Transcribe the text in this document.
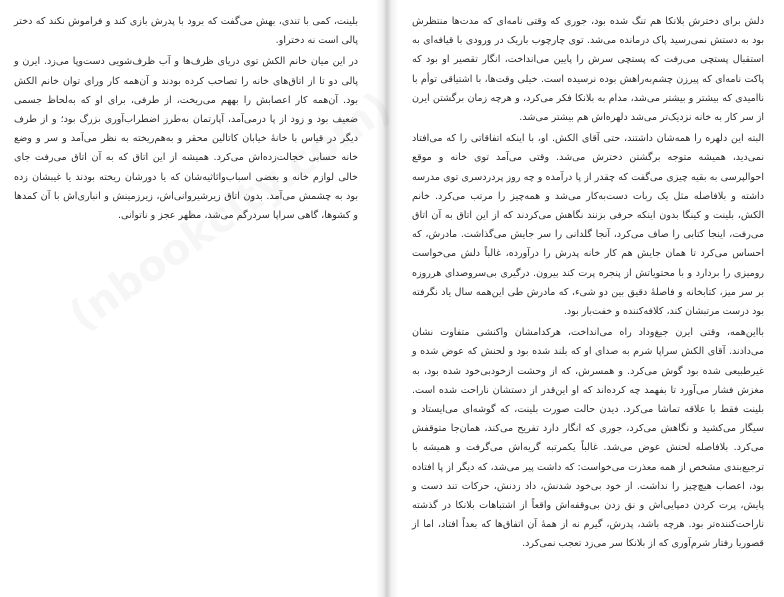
بلینت، کمی با تندی، بهش می‌گفت که برود با پدرش بازی کند و فراموش نکند که دختر پالی است نه دختراو.

در این میان خانم الکش توی دریای ظرف‌ها و آب ظرف‌شویی دست‌وپا می‌زد. ایرن و پالی دو تا از اتاق‌های خانه را تصاحب کرده بودند و آن‌همه کار ورای توان خانم الکش بود. آن‌همه کار اعصابش را بههم می‌ریخت، از طرفی، برای او که به‌لحاظ جسمی ضعیف بود و زود از پا درمی‌آمد، آپارتمان به‌طرز اضطراب‌آوری بزرگ بود؛ و از طرف دیگر در قیاس با خانهٔ خیابان کاتالین محقر و به‌هم‌ریخته به نظر می‌آمد و سر و وضع خانه حسابی خجالت‌زده‌اش می‌کرد. همیشه از این اتاق که به آن اتاق می‌رفت جای خالی لوازم خانه و بعضی اسباب‌واثاثیه‌شان که یا دورشان ریخته بودند یا غیبشان زده بود به چشمش می‌آمد. بدون اتاق زیرشیروانی‌اش، زیرزمینش و انباری‌اش با آن کمدها و کشوها، گاهی سراپا سردرگم می‌شد، مظهر عجز و ناتوانی.

دلش برای دخترش بلانکا هم تنگ شده بود، جوری که وقتی نامه‌ای که مدت‌ها منتظرش بود به دستش نمی‌رسید پاک درمانده می‌شد. توی چارچوب باریک در ورودی با قیافه‌ای به استقبال پستچی می‌رفت که پستچی سرش را پایین می‌انداخت، انگار تقصیر او بود که پاکت نامه‌ای که پیرزن چشم‌به‌راهش بوده نرسیده است. خیلی وقت‌ها، با اشتیاقی توأم با ناامیدی که بیشتر و بیشتر می‌شد، مدام به بلانکا فکر می‌کرد، و هرچه زمان برگشتن ایرن از سر کار به خانه نزدیک‌تر می‌شد دلهره‌اش هم بیشتر می‌شد.

البته این دلهره را همه‌شان داشتند، حتی آقای الکش. او، با اینکه اتفاقاتی را که می‌افتاد نمی‌دید، همیشه متوجه برگشتن دخترش می‌شد. وقتی می‌آمد توی خانه و موقع احوالپرسی به بقیه چیزی می‌گفت که چقدر از پا درآمده و چه روز پردردسری توی مدرسه داشته و بلافاصله مثل یک ربات دست‌به‌کار می‌شد و همه‌چیز را مرتب می‌کرد. خانم الکش، بلینت و کینگا بدون اینکه حرفی بزنند نگاهش می‌کردند که از این اتاق به آن اتاق می‌رفت، اینجا کتابی را صاف می‌کرد، آنجا گلدانی را سر جایش می‌گذاشت. مادرش، که احساس می‌کرد تا همان جایش هم کار خانه پدرش را درآورده، غالباً دلش می‌خواست رومیزی را بردارد و با محتویاتش از پنجره پرت کند بیرون. درگیری بی‌سروصدای هرروزه بر سر میز، کتابخانه و فاصلهٔ دقیق بین دو شیء، که مادرش طی این‌همه سال یاد نگرفته بود درست مرتبشان کند، کلافه‌کننده و خفت‌بار بود.

بااین‌همه، وقتی ایرن جیغ‌وداد راه می‌انداخت، هرکدامشان واکنشی متفاوت نشان می‌دادند. آقای الکش سراپا شرم به صدای او که بلند شده بود و لحنش که عوض شده و غیرطبیعی شده بود گوش می‌کرد. و همسرش، که از وحشت ازخودبی‌خود شده بود، به مغزش فشار می‌آورد تا بفهمد چه کرده‌اند که او این‌قدر از دستشان ناراحت شده است. بلینت فقط با علاقه تماشا می‌کرد. دیدن حالت صورت بلینت، که گوشه‌ای می‌ایستاد و سیگار می‌کشید و نگاهش می‌کرد، جوری که انگار دارد تفریح می‌کند، همان‌جا متوقفش می‌کرد. بلافاصله لحنش عوض می‌شد. غالباً یکمرتبه گریه‌اش می‌گرفت و همیشه با ترجیع‌بندی مشخص از همه معذرت می‌خواست: که داشت پیر می‌شد، که دیگر از پا افتاده بود، اعصاب هیچ‌چیز را نداشت. از خود بی‌خود شدنش، داد زدنش، حرکات تند دست و پایش، پرت کردن دمپایی‌اش و نق زدن بی‌وقفه‌اش واقعاً از اشتباهات بلانکا در گذشته ناراحت‌کننده‌تر بود. هرچه باشد، پدرش، گیرم نه از همهٔ آن اتفاق‌ها که بعداً افتاد، اما از قصوریا رفتار شرم‌آوری که از بلانکا سر می‌زد تعجب نمی‌کرد.
